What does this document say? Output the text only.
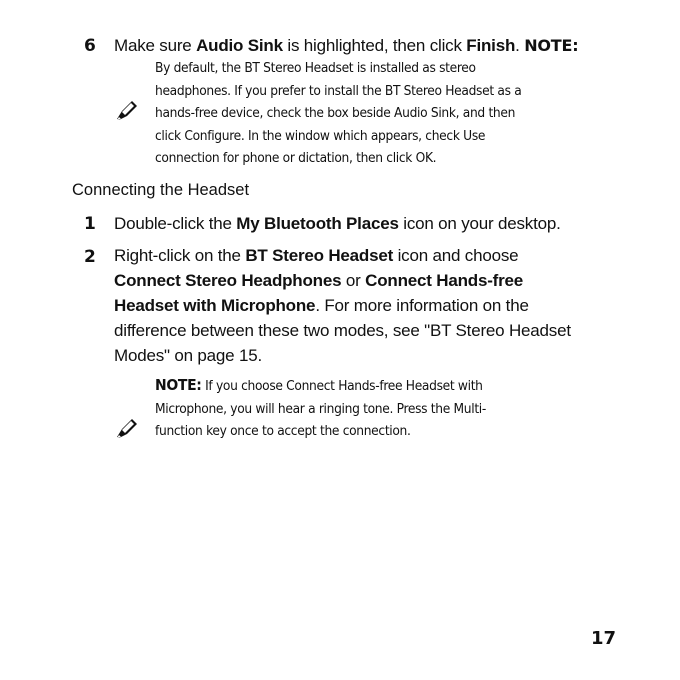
6 Make sure Audio Sink is highlighted, then click Finish. NOTE:
By default, the BT Stereo Headset is installed as stereo
headphones. If you prefer to install the BT Stereo Headset as a
hands-free device, check the box beside Audio Sink, and then
click Configure. In the window which appears, check Use
connection for phone or dictation, then click OK.
Connecting the Headset
1 Double-click the My Bluetooth Places icon on your desktop.
2 Right-click on the BT Stereo Headset icon and choose
Connect Stereo Headphones or Connect Hands-free
Headset with Microphone. For more information on the
difference between these two modes, see "BT Stereo Headset
Modes" on page 15.
NOTE: If you choose Connect Hands-free Headset with
Microphone, you will hear a ringing tone. Press the Multi-
function key once to accept the connection.
17
